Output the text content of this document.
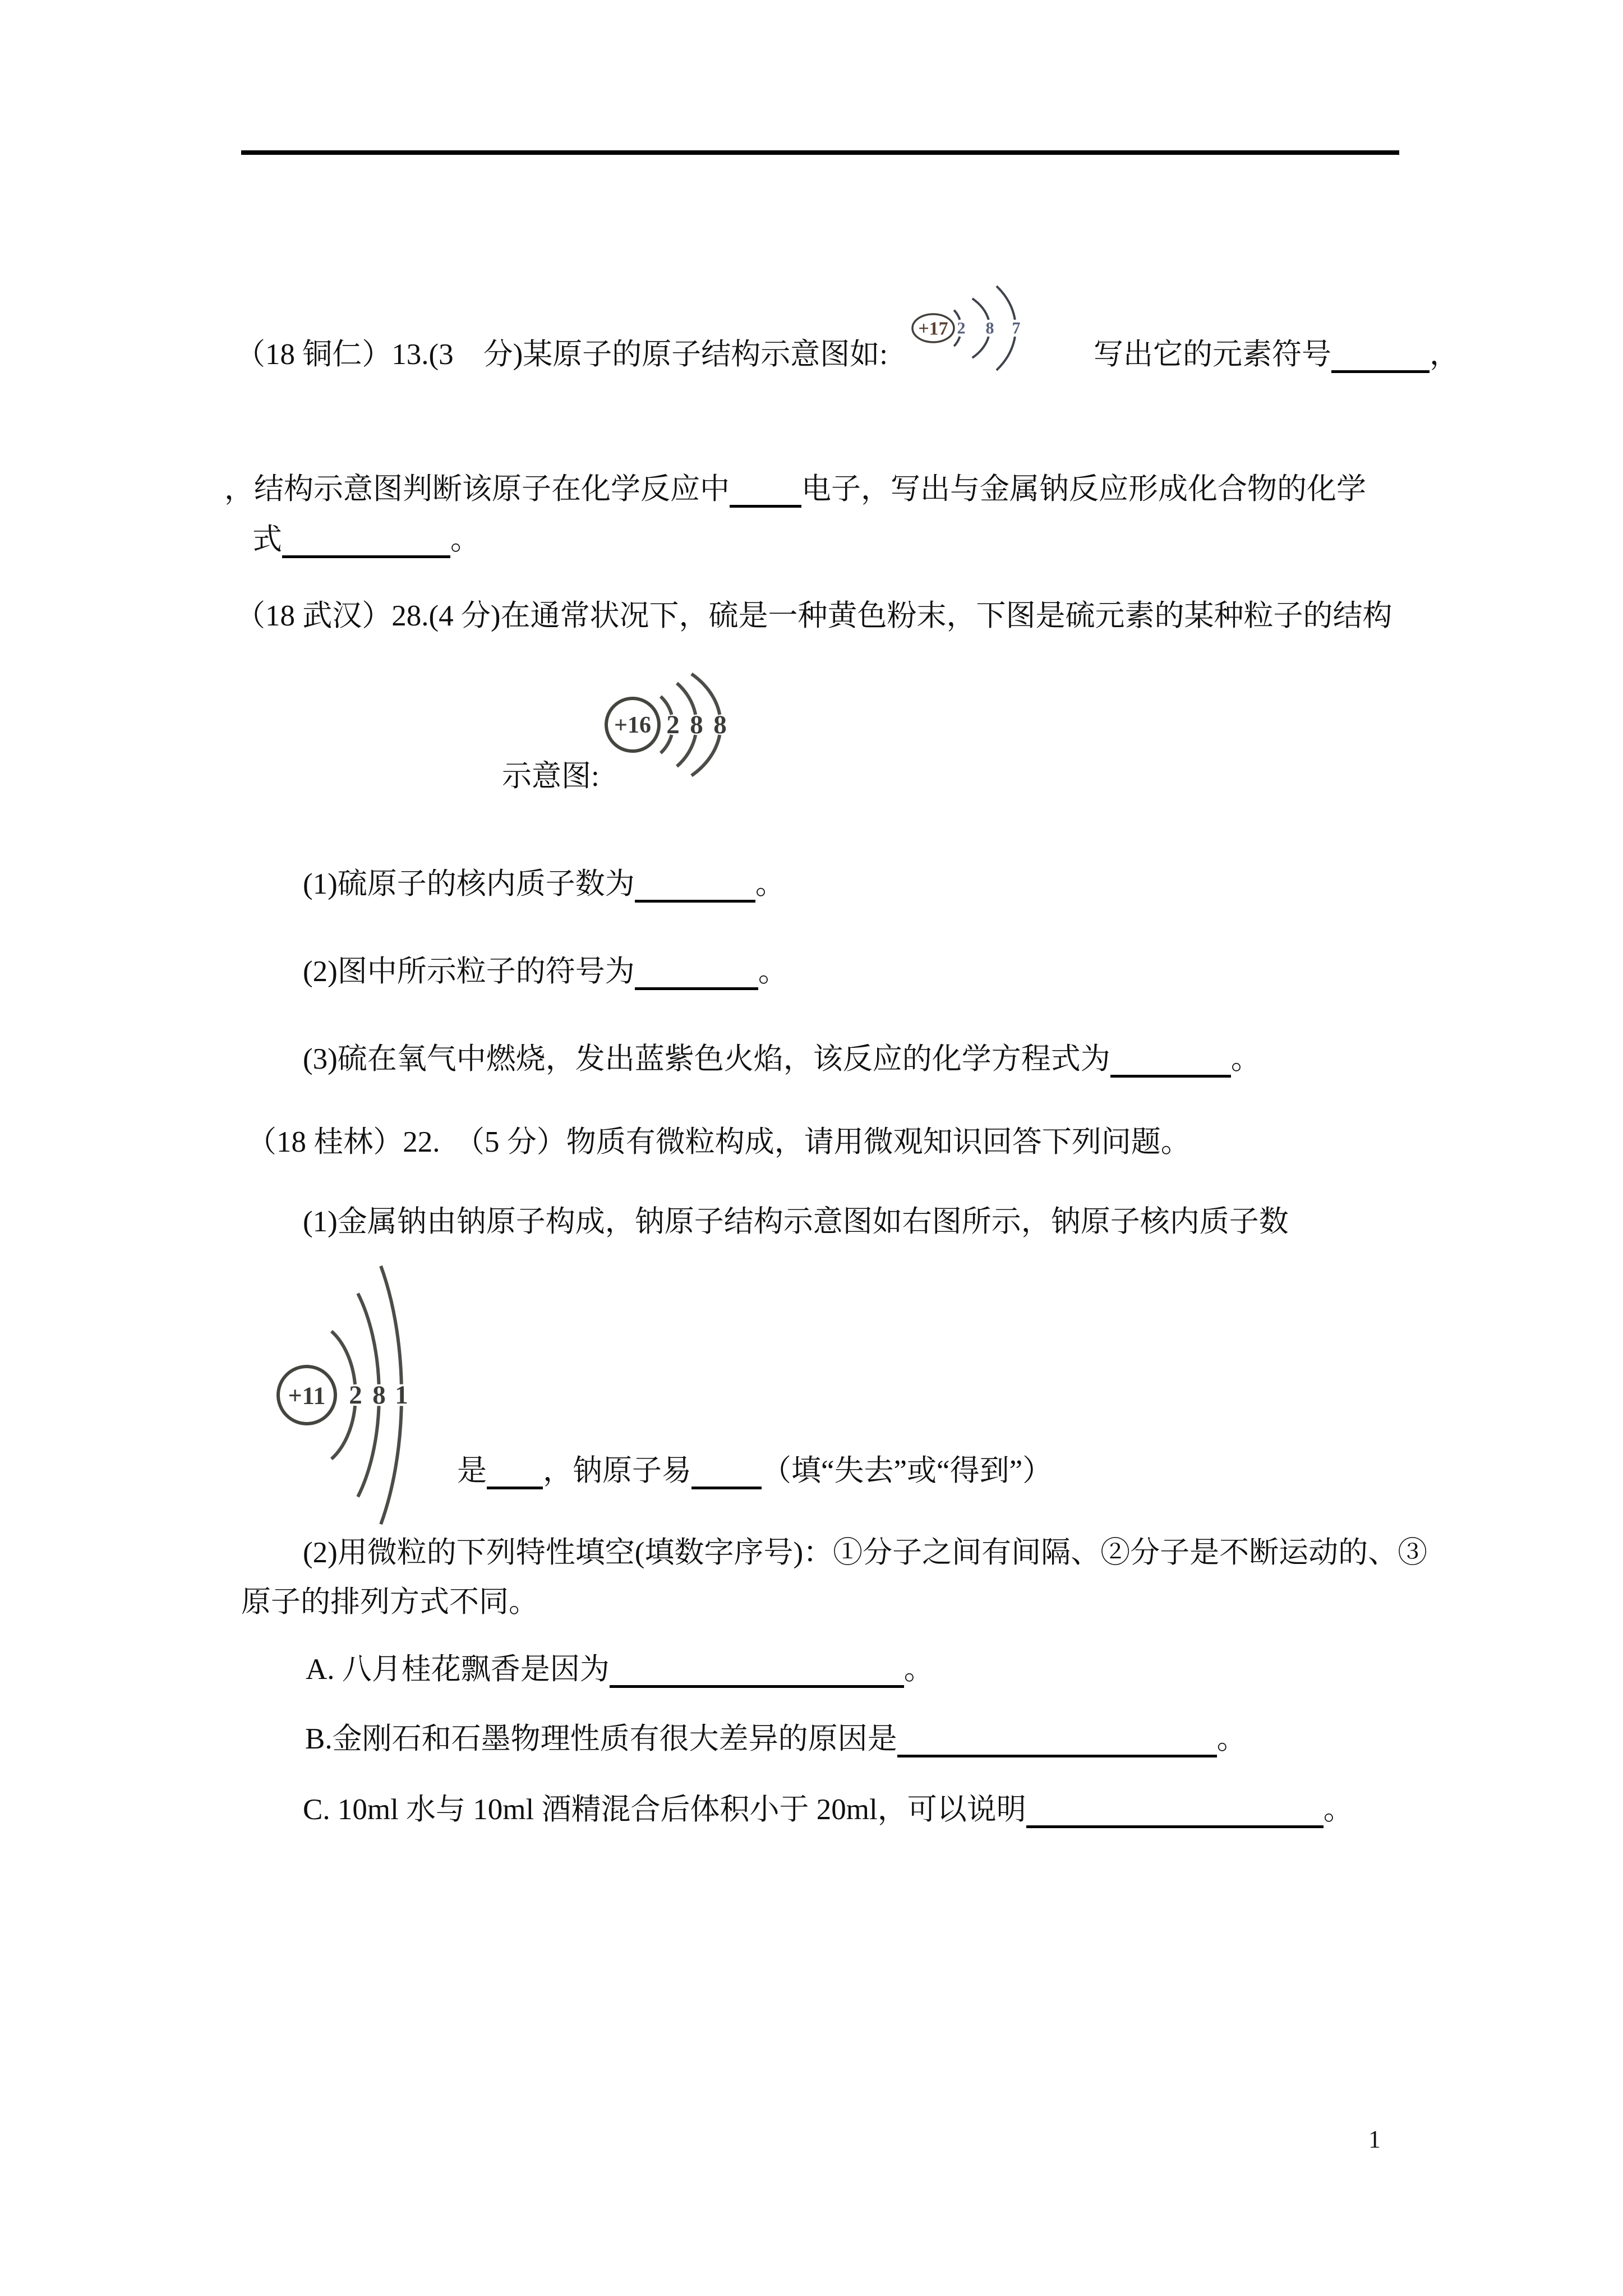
（18 铜仁）13.(3　分)某原子的原子结构示意图如:
+17 2 8 7
写出它的元素符号	，
，结构示意图判断该原子在化学反应中 电子，写出与金属钠反应形成化合物的化学
式	。
（18 武汉）28.(4 分)在通常状况下，硫是一种黄色粉末，下图是硫元素的某种粒子的结构
+16 2 8 8
示意图:
(1)硫原子的核内质子数为	。
(2)图中所示粒子的符号为	。
(3)硫在氧气中燃烧，发出蓝紫色火焰，该反应的化学方程式为	。
（18 桂林）22.　（5 分）物质有微粒构成，请用微观知识回答下列问题。
(1)金属钠由钠原子构成，钠原子结构示意图如右图所示，钠原子核内质子数
+11 2 8 1
是 ，钠原子易 （填“失去”或“得到”）
(2)用微粒的下列特性填空(填数字序号)：①分子之间有间隔、②分子是不断运动的、③
原子的排列方式不同。
A. 八月桂花飘香是因为	。
B.金刚石和石墨物理性质有很大差异的原因是	。
C. 10ml 水与 10ml 酒精混合后体积小于 20ml，可以说明	。
1
